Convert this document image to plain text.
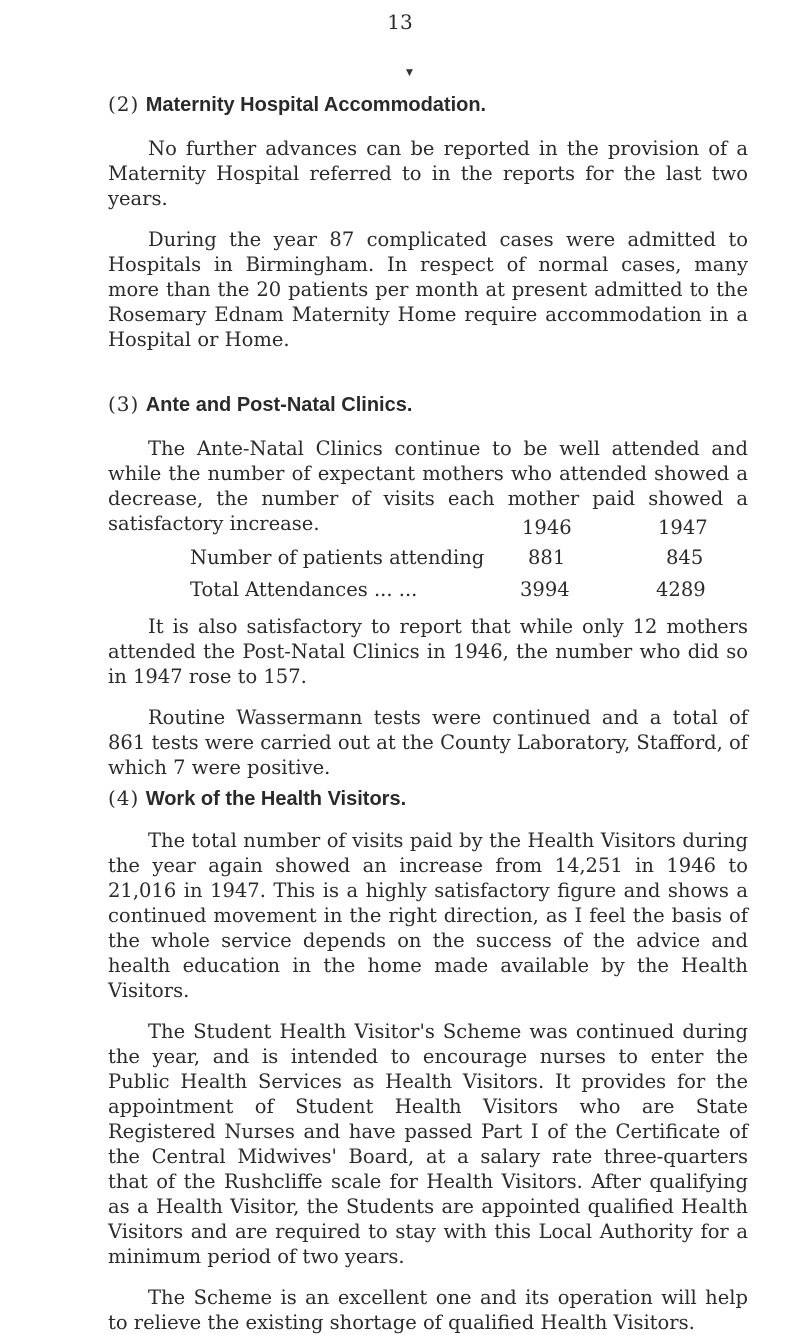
13
▼
(2) Maternity Hospital Accommodation.

No further advances can be reported in the provision of a Maternity Hospital referred to in the reports for the last two years.

During the year 87 complicated cases were admitted to Hospitals in Birmingham. In respect of normal cases, many more than the 20 patients per month at present admitted to the Rosemary Ednam Maternity Home require accommodation in a Hospital or Home.

(3) Ante and Post-Natal Clinics.

The Ante-Natal Clinics continue to be well attended and while the number of expectant mothers who attended showed a decrease, the number of visits each mother paid showed a satisfactory increase.	1946	1947
Number of patients attending 881	845
Total Attendances ... ...	3994	4289

It is also satisfactory to report that while only 12 mothers attended the Post-Natal Clinics in 1946, the number who did so in 1947 rose to 157.

Routine Wassermann tests were continued and a total of 861 tests were carried out at the County Laboratory, Stafford, of which 7 were positive.

(4) Work of the Health Visitors.

The total number of visits paid by the Health Visitors during the year again showed an increase from 14,251 in 1946 to 21,016 in 1947. This is a highly satisfactory figure and shows a continued movement in the right direction, as I feel the basis of the whole service depends on the success of the advice and health education in the home made available by the Health Visitors.

The Student Health Visitor's Scheme was continued during the year, and is intended to encourage nurses to enter the Public Health Services as Health Visitors. It provides for the appointment of Student Health Visitors who are State Registered Nurses and have passed Part I of the Certificate of the Central Midwives' Board, at a salary rate three-quarters that of the Rushcliffe scale for Health Visitors. After qualifying as a Health Visitor, the Students are appointed qualified Health Visitors and are required to stay with this Local Authority for a minimum period of two years.

The Scheme is an excellent one and its operation will help to relieve the existing shortage of qualified Health Visitors.
